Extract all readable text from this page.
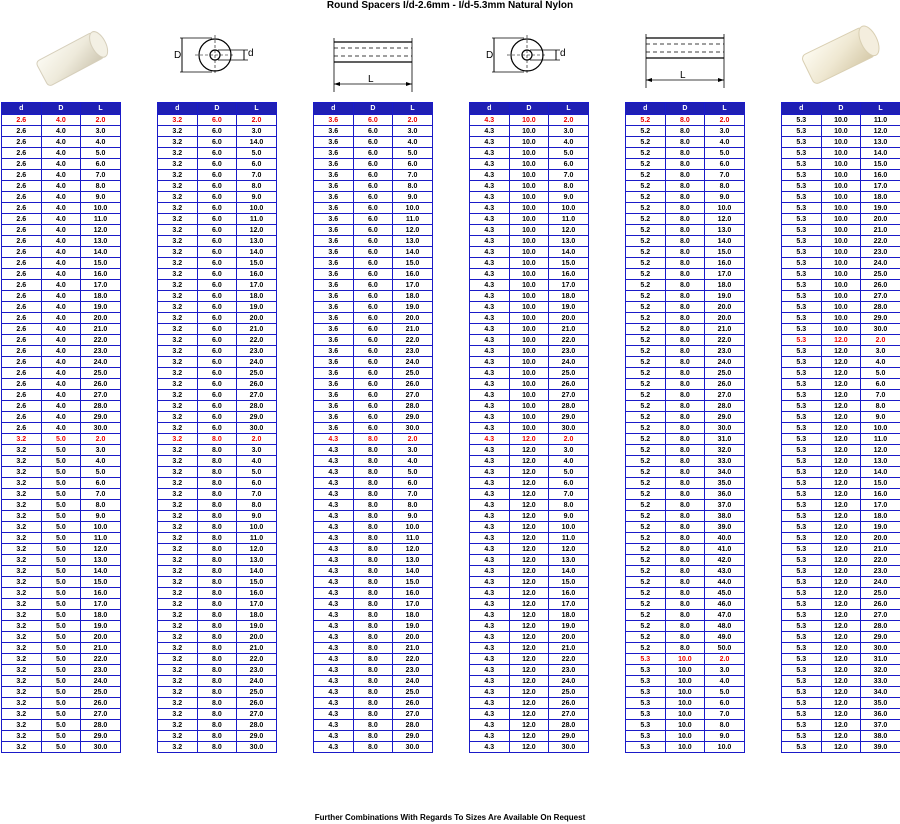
Round Spacers I/d-2.6mm - I/d-5.3mm Natural Nylon
D	d
L
D	d
L
d	D	L
2.6	4.0	2.0
2.6	4.0	3.0
2.6	4.0	4.0
2.6	4.0	5.0
2.6	4.0	6.0
2.6	4.0	7.0
2.6	4.0	8.0
2.6	4.0	9.0
2.6	4.0	10.0
2.6	4.0	11.0
2.6	4.0	12.0
2.6	4.0	13.0
2.6	4.0	14.0
2.6	4.0	15.0
2.6	4.0	16.0
2.6	4.0	17.0
2.6	4.0	18.0
2.6	4.0	19.0
2.6	4.0	20.0
2.6	4.0	21.0
2.6	4.0	22.0
2.6	4.0	23.0
2.6	4.0	24.0
2.6	4.0	25.0
2.6	4.0	26.0
2.6	4.0	27.0
2.6	4.0	28.0
2.6	4.0	29.0
2.6	4.0	30.0
3.2	5.0	2.0
3.2	5.0	3.0
3.2	5.0	4.0
3.2	5.0	5.0
3.2	5.0	6.0
3.2	5.0	7.0
3.2	5.0	8.0
3.2	5.0	9.0
3.2	5.0	10.0
3.2	5.0	11.0
3.2	5.0	12.0
3.2	5.0	13.0
3.2	5.0	14.0
3.2	5.0	15.0
3.2	5.0	16.0
3.2	5.0	17.0
3.2	5.0	18.0
3.2	5.0	19.0
3.2	5.0	20.0
3.2	5.0	21.0
3.2	5.0	22.0
3.2	5.0	23.0
3.2	5.0	24.0
3.2	5.0	25.0
3.2	5.0	26.0
3.2	5.0	27.0
3.2	5.0	28.0
3.2	5.0	29.0
3.2	5.0	30.0
d	D	L
3.2	6.0	2.0
3.2	6.0	3.0
3.2	6.0	14.0
3.2	6.0	5.0
3.2	6.0	6.0
3.2	6.0	7.0
3.2	6.0	8.0
3.2	6.0	9.0
3.2	6.0	10.0
3.2	6.0	11.0
3.2	6.0	12.0
3.2	6.0	13.0
3.2	6.0	14.0
3.2	6.0	15.0
3.2	6.0	16.0
3.2	6.0	17.0
3.2	6.0	18.0
3.2	6.0	19.0
3.2	6.0	20.0
3.2	6.0	21.0
3.2	6.0	22.0
3.2	6.0	23.0
3.2	6.0	24.0
3.2	6.0	25.0
3.2	6.0	26.0
3.2	6.0	27.0
3.2	6.0	28.0
3.2	6.0	29.0
3.2	6.0	30.0
3.2	8.0	2.0
3.2	8.0	3.0
3.2	8.0	4.0
3.2	8.0	5.0
3.2	8.0	6.0
3.2	8.0	7.0
3.2	8.0	8.0
3.2	8.0	9.0
3.2	8.0	10.0
3.2	8.0	11.0
3.2	8.0	12.0
3.2	8.0	13.0
3.2	8.0	14.0
3.2	8.0	15.0
3.2	8.0	16.0
3.2	8.0	17.0
3.2	8.0	18.0
3.2	8.0	19.0
3.2	8.0	20.0
3.2	8.0	21.0
3.2	8.0	22.0
3.2	8.0	23.0
3.2	8.0	24.0
3.2	8.0	25.0
3.2	8.0	26.0
3.2	8.0	27.0
3.2	8.0	28.0
3.2	8.0	29.0
3.2	8.0	30.0
d	D	L
3.6	6.0	2.0
3.6	6.0	3.0
3.6	6.0	4.0
3.6	6.0	5.0
3.6	6.0	6.0
3.6	6.0	7.0
3.6	6.0	8.0
3.6	6.0	9.0
3.6	6.0	10.0
3.6	6.0	11.0
3.6	6.0	12.0
3.6	6.0	13.0
3.6	6.0	14.0
3.6	6.0	15.0
3.6	6.0	16.0
3.6	6.0	17.0
3.6	6.0	18.0
3.6	6.0	19.0
3.6	6.0	20.0
3.6	6.0	21.0
3.6	6.0	22.0
3.6	6.0	23.0
3.6	6.0	24.0
3.6	6.0	25.0
3.6	6.0	26.0
3.6	6.0	27.0
3.6	6.0	28.0
3.6	6.0	29.0
3.6	6.0	30.0
4.3	8.0	2.0
4.3	8.0	3.0
4.3	8.0	4.0
4.3	8.0	5.0
4.3	8.0	6.0
4.3	8.0	7.0
4.3	8.0	8.0
4.3	8.0	9.0
4.3	8.0	10.0
4.3	8.0	11.0
4.3	8.0	12.0
4.3	8.0	13.0
4.3	8.0	14.0
4.3	8.0	15.0
4.3	8.0	16.0
4.3	8.0	17.0
4.3	8.0	18.0
4.3	8.0	19.0
4.3	8.0	20.0
4.3	8.0	21.0
4.3	8.0	22.0
4.3	8.0	23.0
4.3	8.0	24.0
4.3	8.0	25.0
4.3	8.0	26.0
4.3	8.0	27.0
4.3	8.0	28.0
4.3	8.0	29.0
4.3	8.0	30.0
d	D	L
4.3	10.0	2.0
4.3	10.0	3.0
4.3	10.0	4.0
4.3	10.0	5.0
4.3	10.0	6.0
4.3	10.0	7.0
4.3	10.0	8.0
4.3	10.0	9.0
4.3	10.0	10.0
4.3	10.0	11.0
4.3	10.0	12.0
4.3	10.0	13.0
4.3	10.0	14.0
4.3	10.0	15.0
4.3	10.0	16.0
4.3	10.0	17.0
4.3	10.0	18.0
4.3	10.0	19.0
4.3	10.0	20.0
4.3	10.0	21.0
4.3	10.0	22.0
4.3	10.0	23.0
4.3	10.0	24.0
4.3	10.0	25.0
4.3	10.0	26.0
4.3	10.0	27.0
4.3	10.0	28.0
4.3	10.0	29.0
4.3	10.0	30.0
4.3	12.0	2.0
4.3	12.0	3.0
4.3	12.0	4.0
4.3	12.0	5.0
4.3	12.0	6.0
4.3	12.0	7.0
4.3	12.0	8.0
4.3	12.0	9.0
4.3	12.0	10.0
4.3	12.0	11.0
4.3	12.0	12.0
4.3	12.0	13.0
4.3	12.0	14.0
4.3	12.0	15.0
4.3	12.0	16.0
4.3	12.0	17.0
4.3	12.0	18.0
4.3	12.0	19.0
4.3	12.0	20.0
4.3	12.0	21.0
4.3	12.0	22.0
4.3	12.0	23.0
4.3	12.0	24.0
4.3	12.0	25.0
4.3	12.0	26.0
4.3	12.0	27.0
4.3	12.0	28.0
4.3	12.0	29.0
4.3	12.0	30.0
d	D	L
5.2	8.0	2.0
5.2	8.0	3.0
5.2	8.0	4.0
5.2	8.0	5.0
5.2	8.0	6.0
5.2	8.0	7.0
5.2	8.0	8.0
5.2	8.0	9.0
5.2	8.0	10.0
5.2	8.0	12.0
5.2	8.0	13.0
5.2	8.0	14.0
5.2	8.0	15.0
5.2	8.0	16.0
5.2	8.0	17.0
5.2	8.0	18.0
5.2	8.0	19.0
5.2	8.0	20.0
5.2	8.0	20.0
5.2	8.0	21.0
5.2	8.0	22.0
5.2	8.0	23.0
5.2	8.0	24.0
5.2	8.0	25.0
5.2	8.0	26.0
5.2	8.0	27.0
5.2	8.0	28.0
5.2	8.0	29.0
5.2	8.0	30.0
5.2	8.0	31.0
5.2	8.0	32.0
5.2	8.0	33.0
5.2	8.0	34.0
5.2	8.0	35.0
5.2	8.0	36.0
5.2	8.0	37.0
5.2	8.0	38.0
5.2	8.0	39.0
5.2	8.0	40.0
5.2	8.0	41.0
5.2	8.0	42.0
5.2	8.0	43.0
5.2	8.0	44.0
5.2	8.0	45.0
5.2	8.0	46.0
5.2	8.0	47.0
5.2	8.0	48.0
5.2	8.0	49.0
5.2	8.0	50.0
5.3	10.0	2.0
5.3	10.0	3.0
5.3	10.0	4.0
5.3	10.0	5.0
5.3	10.0	6.0
5.3	10.0	7.0
5.3	10.0	8.0
5.3	10.0	9.0
5.3	10.0	10.0
d	D	L
5.3	10.0	11.0
5.3	10.0	12.0
5.3	10.0	13.0
5.3	10.0	14.0
5.3	10.0	15.0
5.3	10.0	16.0
5.3	10.0	17.0
5.3	10.0	18.0
5.3	10.0	19.0
5.3	10.0	20.0
5.3	10.0	21.0
5.3	10.0	22.0
5.3	10.0	23.0
5.3	10.0	24.0
5.3	10.0	25.0
5.3	10.0	26.0
5.3	10.0	27.0
5.3	10.0	28.0
5.3	10.0	29.0
5.3	10.0	30.0
5.3	12.0	2.0
5.3	12.0	3.0
5.3	12.0	4.0
5.3	12.0	5.0
5.3	12.0	6.0
5.3	12.0	7.0
5.3	12.0	8.0
5.3	12.0	9.0
5.3	12.0	10.0
5.3	12.0	11.0
5.3	12.0	12.0
5.3	12.0	13.0
5.3	12.0	14.0
5.3	12.0	15.0
5.3	12.0	16.0
5.3	12.0	17.0
5.3	12.0	18.0
5.3	12.0	19.0
5.3	12.0	20.0
5.3	12.0	21.0
5.3	12.0	22.0
5.3	12.0	23.0
5.3	12.0	24.0
5.3	12.0	25.0
5.3	12.0	26.0
5.3	12.0	27.0
5.3	12.0	28.0
5.3	12.0	29.0
5.3	12.0	30.0
5.3	12.0	31.0
5.3	12.0	32.0
5.3	12.0	33.0
5.3	12.0	34.0
5.3	12.0	35.0
5.3	12.0	36.0
5.3	12.0	37.0
5.3	12.0	38.0
5.3	12.0	39.0
Further Combinations With Regards To Sizes Are Available On Request
